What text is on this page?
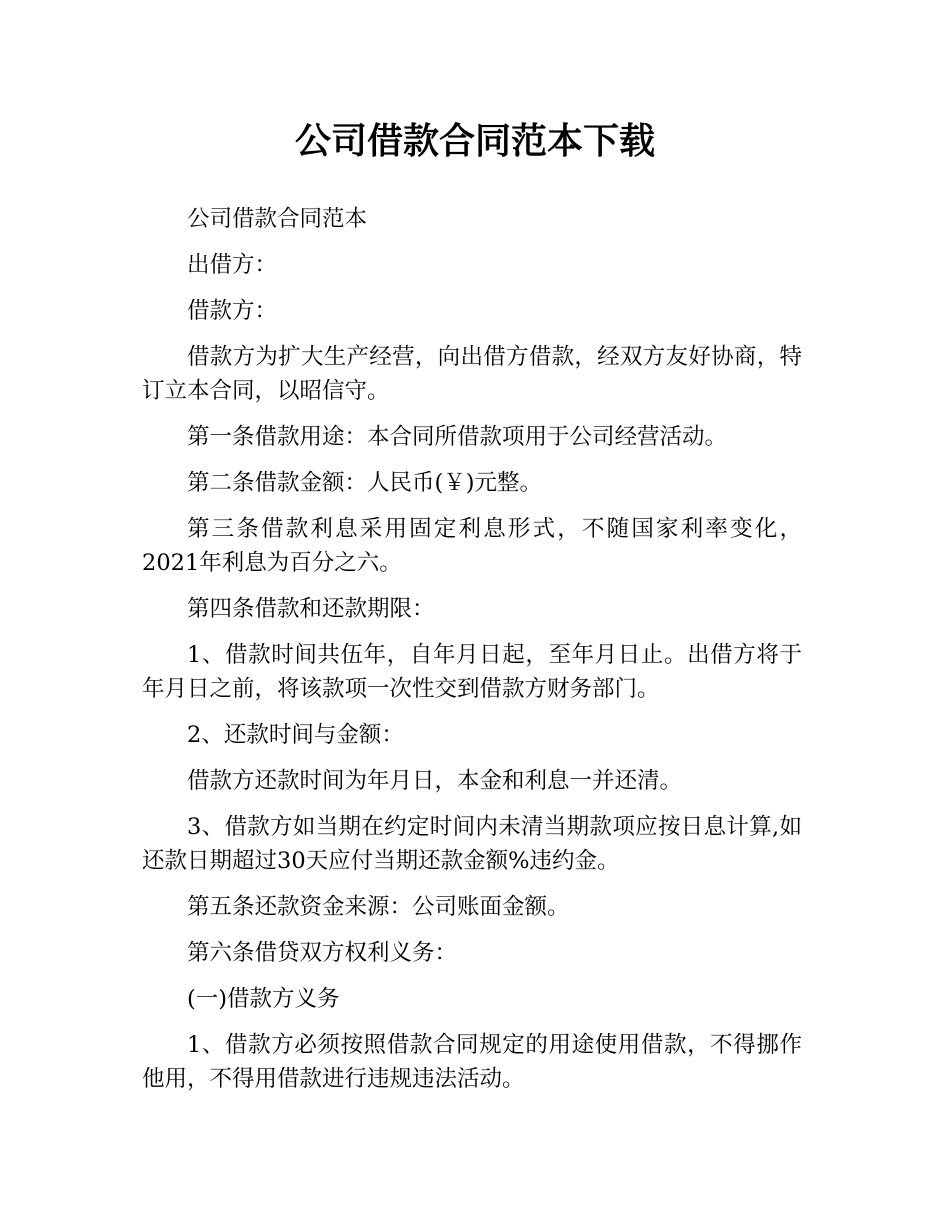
公司借款合同范本下载

公司借款合同范本

出借方：

借款方：

借款方为扩大生产经营，向出借方借款，经双方友好协商，特订立本合同，以昭信守。

第一条借款用途：本合同所借款项用于公司经营活动。

第二条借款金额：人民币(￥)元整。

第三条借款利息采用固定利息形式，不随国家利率变化，2021年利息为百分之六。

第四条借款和还款期限：

1、借款时间共伍年，自年月日起，至年月日止。出借方将于年月日之前，将该款项一次性交到借款方财务部门。

2、还款时间与金额：

借款方还款时间为年月日，本金和利息一并还清。

3、借款方如当期在约定时间内未清当期款项应按日息计算,如还款日期超过30天应付当期还款金额%违约金。

第五条还款资金来源：公司账面金额。

第六条借贷双方权利义务：

(一)借款方义务

1、借款方必须按照借款合同规定的用途使用借款，不得挪作他用，不得用借款进行违规违法活动。
